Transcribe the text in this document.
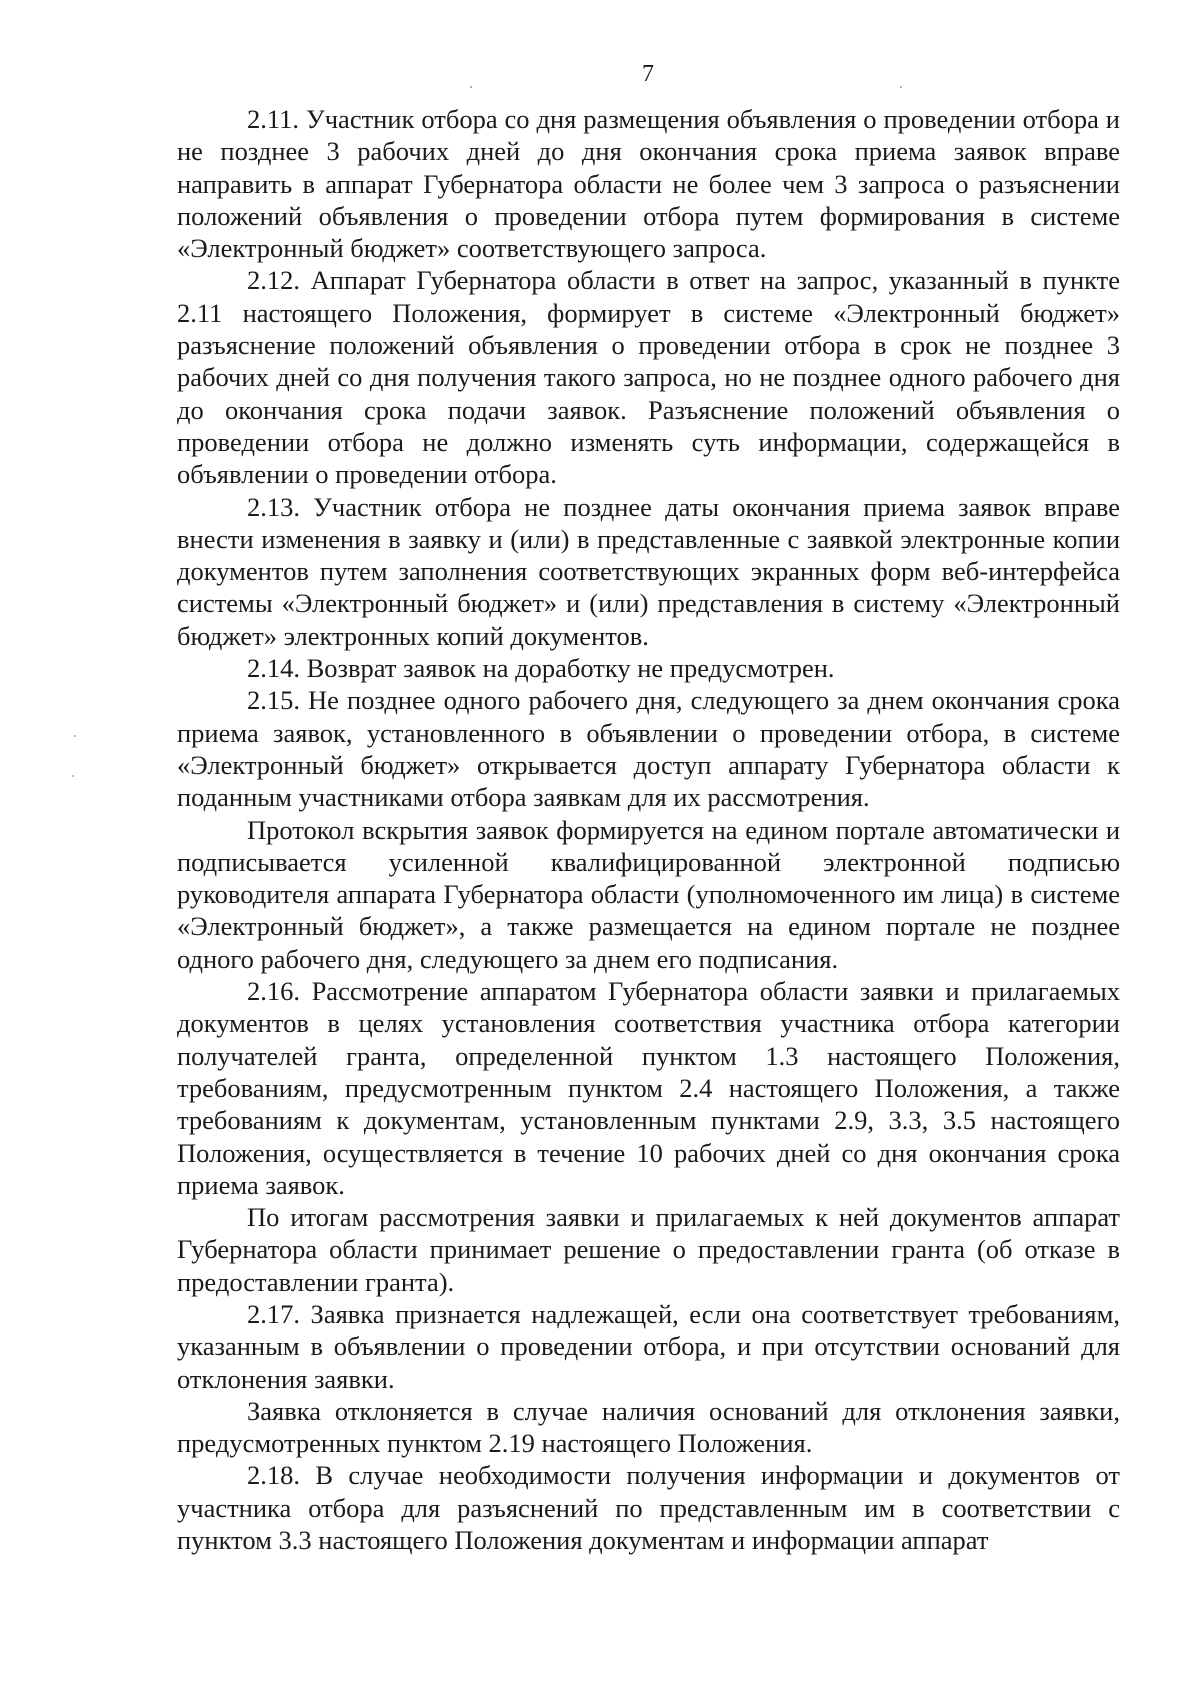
7

2.11. Участник отбора со дня размещения объявления о проведении отбора и не позднее 3 рабочих дней до дня окончания срока приема заявок вправе направить в аппарат Губернатора области не более чем 3 запроса о разъяснении положений объявления о проведении отбора путем формирования в системе «Электронный бюджет» соответствующего запроса.

2.12. Аппарат Губернатора области в ответ на запрос, указанный в пункте 2.11 настоящего Положения, формирует в системе «Электронный бюджет» разъяснение положений объявления о проведении отбора в срок не позднее 3 рабочих дней со дня получения такого запроса, но не позднее одного рабочего дня до окончания срока подачи заявок. Разъяснение положений объявления о проведении отбора не должно изменять суть информации, содержащейся в объявлении о проведении отбора.

2.13. Участник отбора не позднее даты окончания приема заявок вправе внести изменения в заявку и (или) в представленные с заявкой электронные копии документов путем заполнения соответствующих экранных форм веб-интерфейса системы «Электронный бюджет» и (или) представления в систему «Электронный бюджет» электронных копий документов.

2.14. Возврат заявок на доработку не предусмотрен.

2.15. Не позднее одного рабочего дня, следующего за днем окончания срока приема заявок, установленного в объявлении о проведении отбора, в системе «Электронный бюджет» открывается доступ аппарату Губернатора области к поданным участниками отбора заявкам для их рассмотрения.

Протокол вскрытия заявок формируется на едином портале автоматически и подписывается усиленной квалифицированной электронной подписью руководителя аппарата Губернатора области (уполномоченного им лица) в системе «Электронный бюджет», а также размещается на едином портале не позднее одного рабочего дня, следующего за днем его подписания.

2.16. Рассмотрение аппаратом Губернатора области заявки и прилагаемых документов в целях установления соответствия участника отбора категории получателей гранта, определенной пунктом 1.3 настоящего Положения, требованиям, предусмотренным пунктом 2.4 настоящего Положения, а также требованиям к документам, установленным пунктами 2.9, 3.3, 3.5 настоящего Положения, осуществляется в течение 10 рабочих дней со дня окончания срока приема заявок.

По итогам рассмотрения заявки и прилагаемых к ней документов аппарат Губернатора области принимает решение о предоставлении гранта (об отказе в предоставлении гранта).

2.17. Заявка признается надлежащей, если она соответствует требованиям, указанным в объявлении о проведении отбора, и при отсутствии оснований для отклонения заявки.

Заявка отклоняется в случае наличия оснований для отклонения заявки, предусмотренных пунктом 2.19 настоящего Положения.

2.18. В случае необходимости получения информации и документов от участника отбора для разъяснений по представленным им в соответствии с пунктом 3.3 настоящего Положения документам и информации аппарат
